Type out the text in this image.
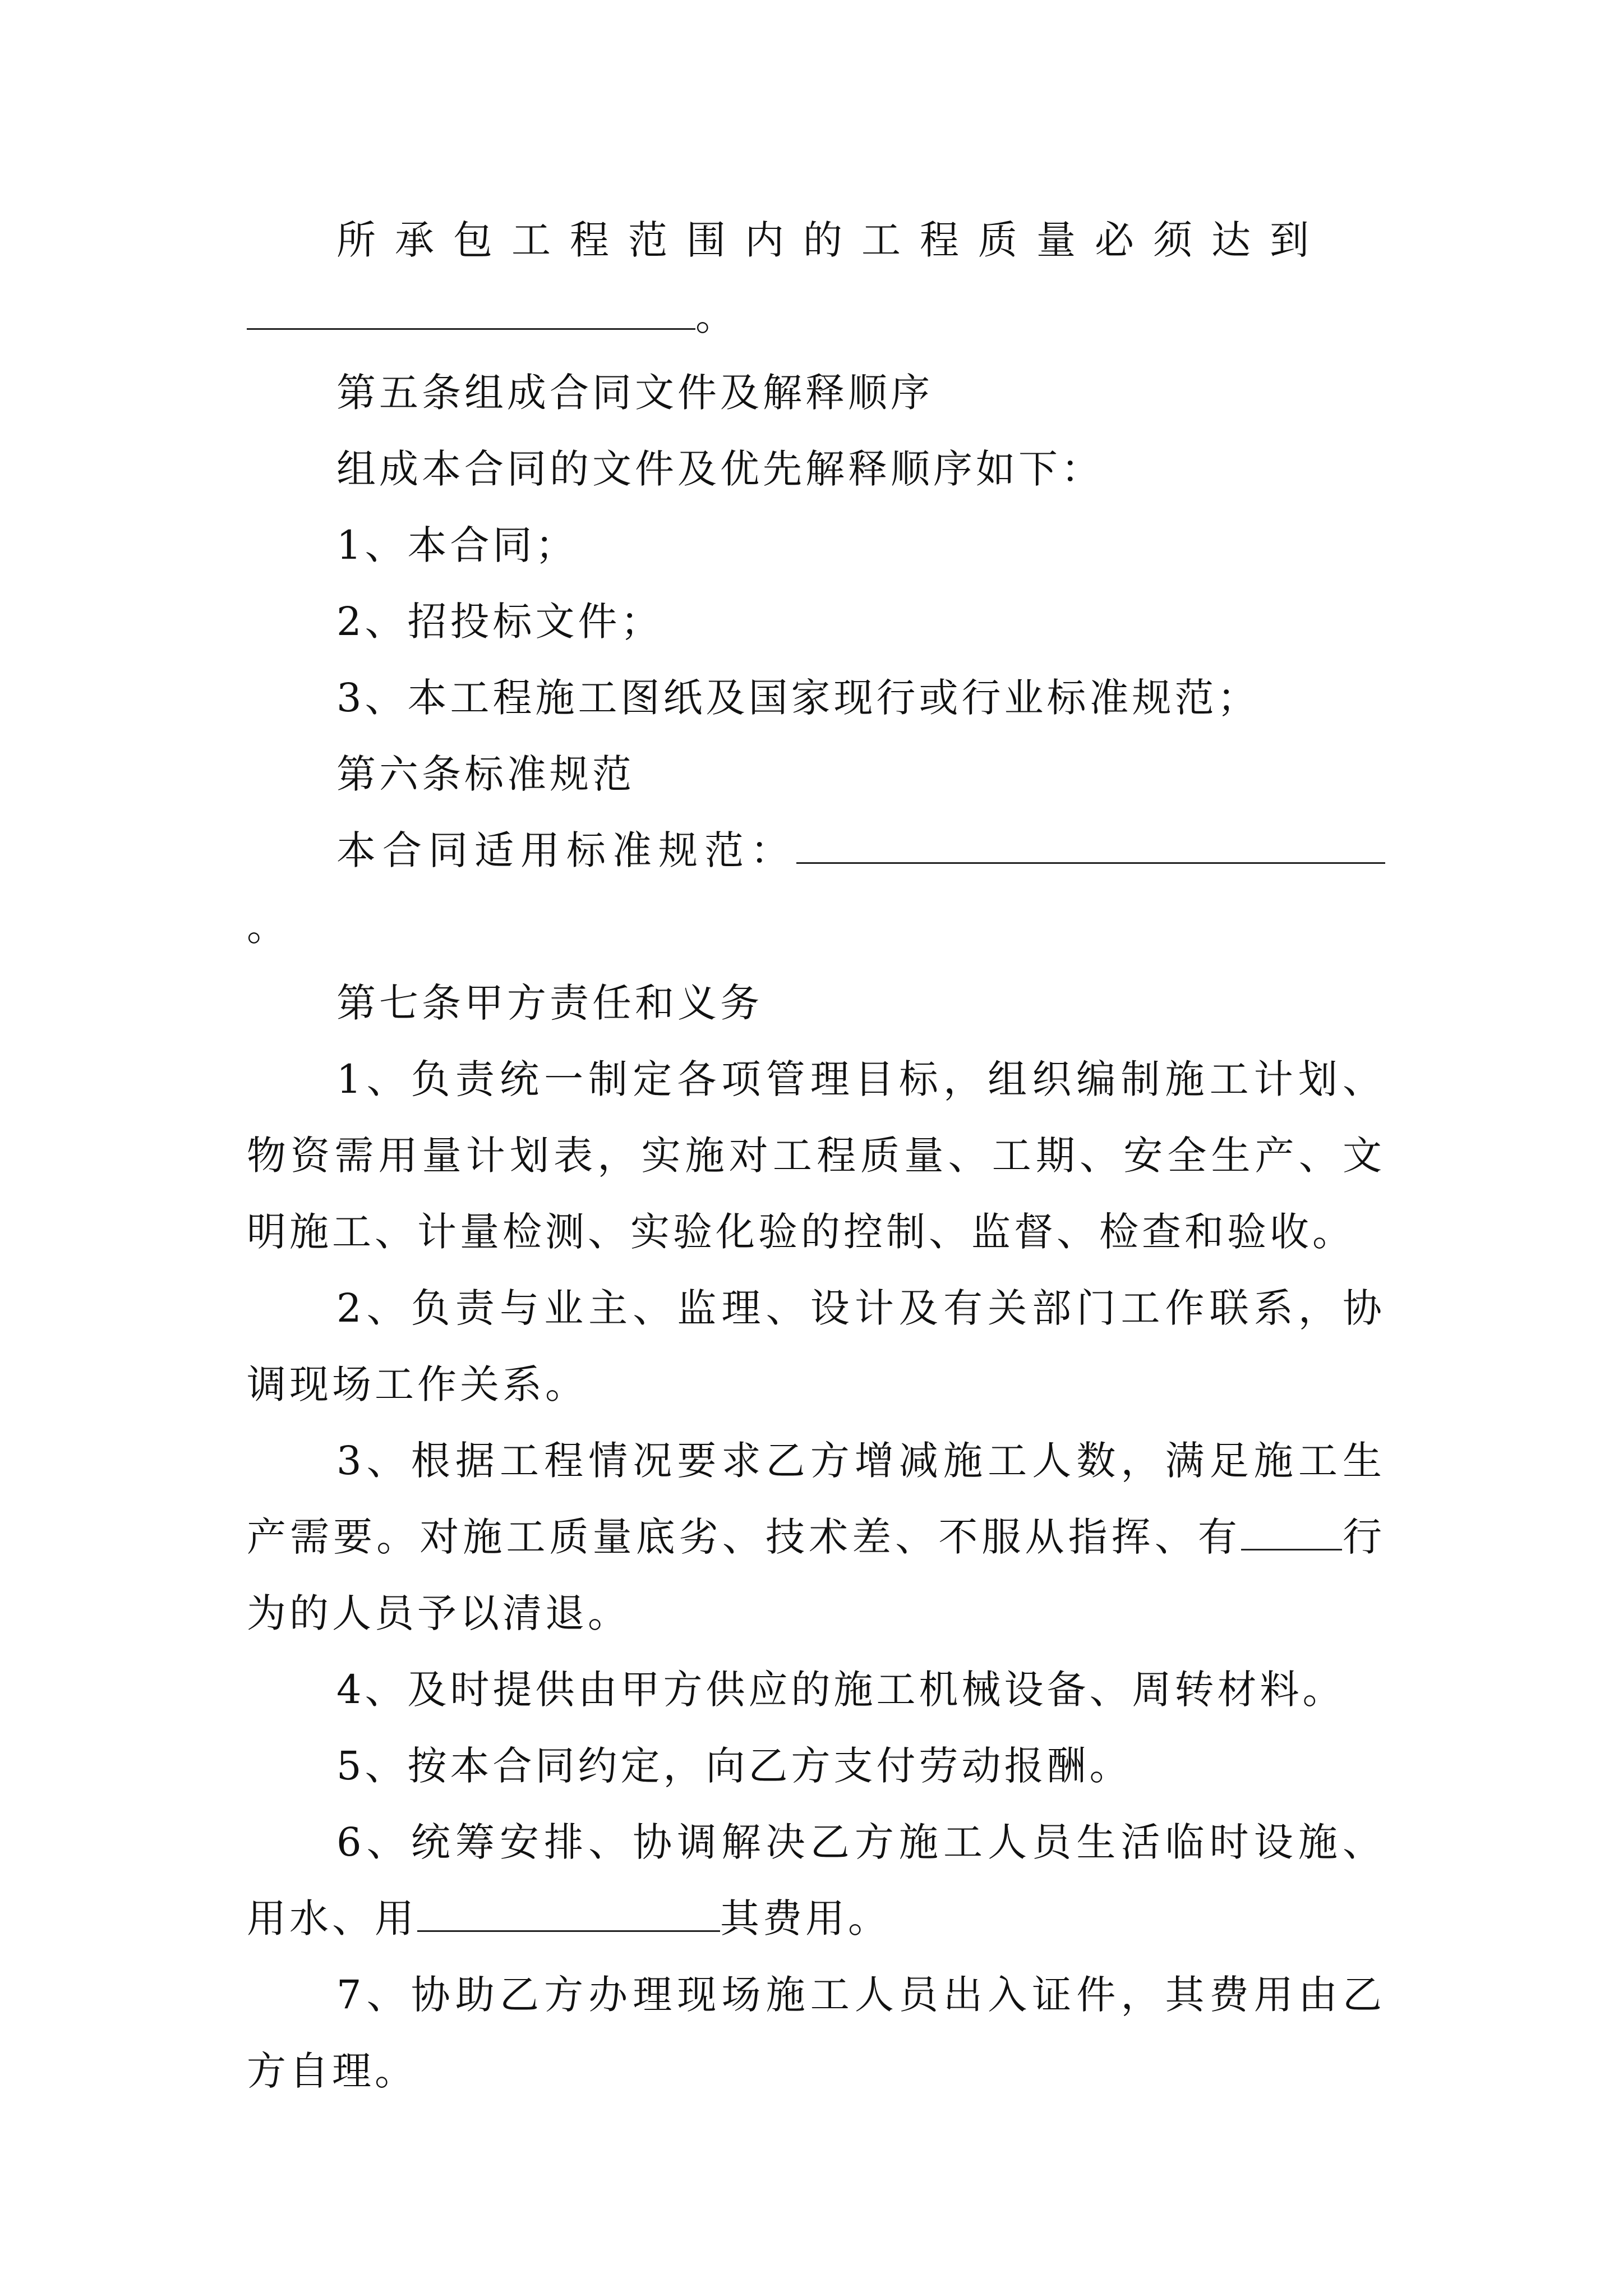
所承包工程范围内的工程质量必须达到

。

第五条组成合同文件及解释顺序

组成本合同的文件及优先解释顺序如下：

1、本合同；

2、招投标文件；

3、本工程施工图纸及国家现行或行业标准规范；

第六条标准规范

本合同适用标准规范：。

第七条甲方责任和义务

1、负责统一制定各项管理目标，组织编制施工计划、物资需用量计划表，实施对工程质量、工期、安全生产、文明施工、计量检测、实验化验的控制、监督、检查和验收。

2、负责与业主、监理、设计及有关部门工作联系，协调现场工作关系。

3、根据工程情况要求乙方增减施工人数，满足施工生产需要。对施工质量底劣、技术差、不服从指挥、有	行为的人员予以清退。

4、及时提供由甲方供应的施工机械设备、周转材料。

5、按本合同约定，向乙方支付劳动报酬。

6、统筹安排、协调解决乙方施工人员生活临时设施、用水、用	其费用。

7、协助乙方办理现场施工人员出入证件，其费用由乙方自理。
